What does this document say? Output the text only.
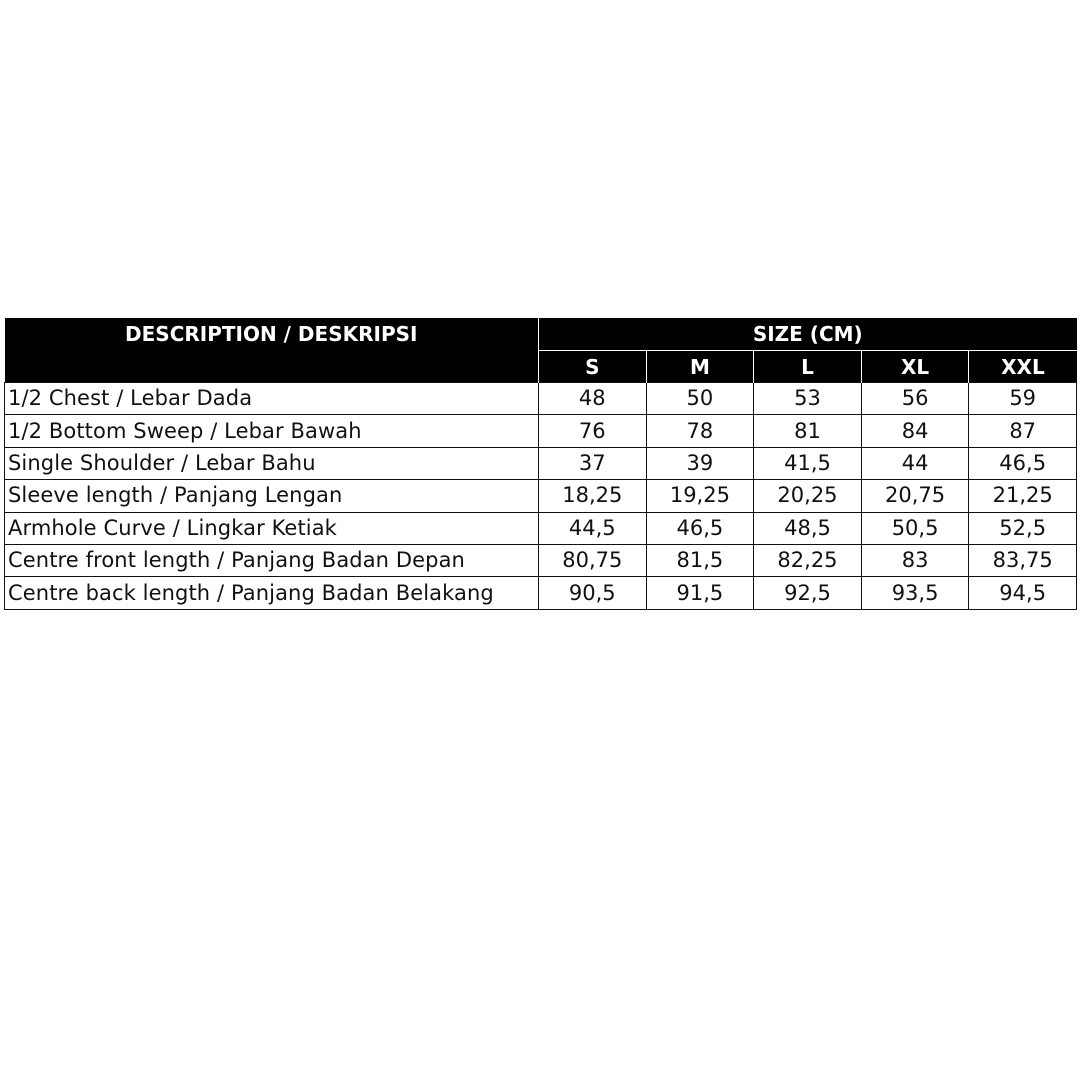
DESCRIPTION / DESKRIPSI	SIZE (CM)				
	S	M	L	XL	XXL
1/2 Chest / Lebar Dada	48	50	53	56	59
1/2 Bottom Sweep / Lebar Bawah	76	78	81	84	87
Single Shoulder / Lebar Bahu	37	39	41,5	44	46,5
Sleeve length / Panjang Lengan	18,25	19,25	20,25	20,75	21,25
Armhole Curve / Lingkar Ketiak	44,5	46,5	48,5	50,5	52,5
Centre front length / Panjang Badan Depan	80,75	81,5	82,25	83	83,75
Centre back length / Panjang Badan Belakang	90,5	91,5	92,5	93,5	94,5
